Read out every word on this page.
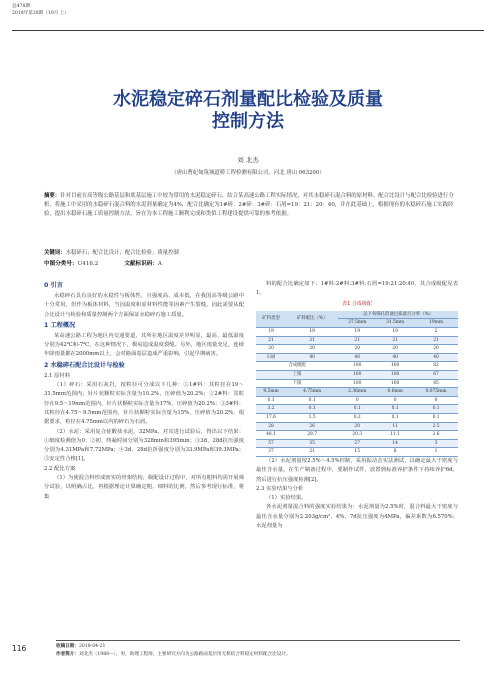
总478期
2018年第28期（10月 上）
水泥稳定碎石剂量配比检验及质量
控制方法
刘 北杰
（唐山曹妃甸筑城道桥工程检测有限公司，河北 唐山 063200）
摘要：针对目前在高等级公路基层和底基层施工中较为常用的水泥稳定碎石，结合某高速公路工程实际情况，对其水稳碎石混合料的原材料、配合比设计与配合比检验进行分析，将施工中采用的水稳碎石混合料的水泥剂量确定为4%，配合比确定为1#碎：2#碎：3#碎：石屑=19：21：20：40，并在此基础上，根据现有的水稳碎石施工实践经验，提出水稳碎石施工质量控制方法，旨在为本工程施工顺利完成和类似工程建设提供可靠的参考依据。
关键词：水稳碎石；配合比设计；配合比检验；质量控制
中图分类号：U416.2	文献标识码：A
0 引言

水稳碎石具有良好的水稳性与板体性，且强度高、成本低，在我国高等级公路中十分常用，但作为板体材料，当因温度和原材料性能等因素产生裂缝，因此需要从配合比设计与检验和质量控制两个方面保证水稳碎石施工质量。

1 工程概况

某高速公路工程为地区内交通要道，其所在地区温度差异明显，最高、最低温度分别为42℃和-7℃，在这种情况下，极易造成温度裂缝。另外，地区雨量充足，连续年降雨量都在2000mm以上，会对路面基层造成严重影响，引起早期病害。

2 水稳碎石配合比设计与检验
2.1 原材料

（1）碎石：采用石灰岩，按粒径可分成以下几种：①1#料：其粒径在19～31.5mm范围内，针片状颗粒实际含量为10.2%，压碎值为20.2%；②2#料：其粒径在9.5～19mm范围内，针片状颗粒实际含量为17%，压碎值为20.2%；③3#料：其粒径在4.75～9.5mm范围内，针片状颗粒实际含量为15%，压碎值为20.2%，根据要求，粒径在4.75mm以内的碎石为石屑。

（2）水泥：采用复合硅酸盐水泥，32MPa，对其进行试验后，得出以下结果：①细度检测值为0；②初、终凝时间分别为328min和395min；③3d、28d抗压强度分别为4.31MPa和7.72MPa；④3d、28d抗折强度分别为33.9MPa和39.3MPa；⑤安定性合格[1]。

2.2 配比方案

（1）为使混合料形成密实的骨架结构，级配设计过程中，对所有粗料均需开展筛分试验，以明确占比，再根据理论计算确定粗、细料的比例，然后参考现行标准，将集

料的配合比确定如下：1#料:2#料:3#料:石屑=19:21:20:40，其合成级配见表1。

表1 合成级配
矿料类型	矿料配比（%）	以下各筛孔的通过质量百分率（%）		
		37.5mm	31.5mm	19mm
19	19	19	19	2
21	21	21	21	21
20	20	20	20	20
石屑	40	40	40	40
合成级配		100	100	82
上限		100	100	67
下限		100	100	85
9.5mm	4.75mm	2.36mm	0.6mm	0.075mm
0.1	0.1	0	0	0
3.2	0.1	0.1	0.1	0.1
17.6	1.5	0.2	0.1	0.1
28	26	20	11	2.5
48.1	28.7	20.3	11.1	2.6
57	35	27	14	3
37	21	15	8	1

（2）水泥剂量按2.5%～4.5%控制，采用振动击实法测试，以确定最大干密度与最佳含水量，在生产制备过程中，要制作试件，放置到标准养护条件下持续养护6d，然后进行抗压强度检测[2]。

2.3 实验结果与分析

（1）实验结果。

各水泥剂量混合料的强度实验结果为：水泥剂量为2.5%时，混合料最大干密度与最佳含水量分别为2.203g/cm³、4%，7d抗压强度为4MPa，偏差系数为6.570%；水泥剂量为

收稿日期：2018-04-21
作者简介：刘北杰（1988—），男，助理工程师，主要研究方向为公路路面基层用无机结合料稳定材料配合比设计。
116
